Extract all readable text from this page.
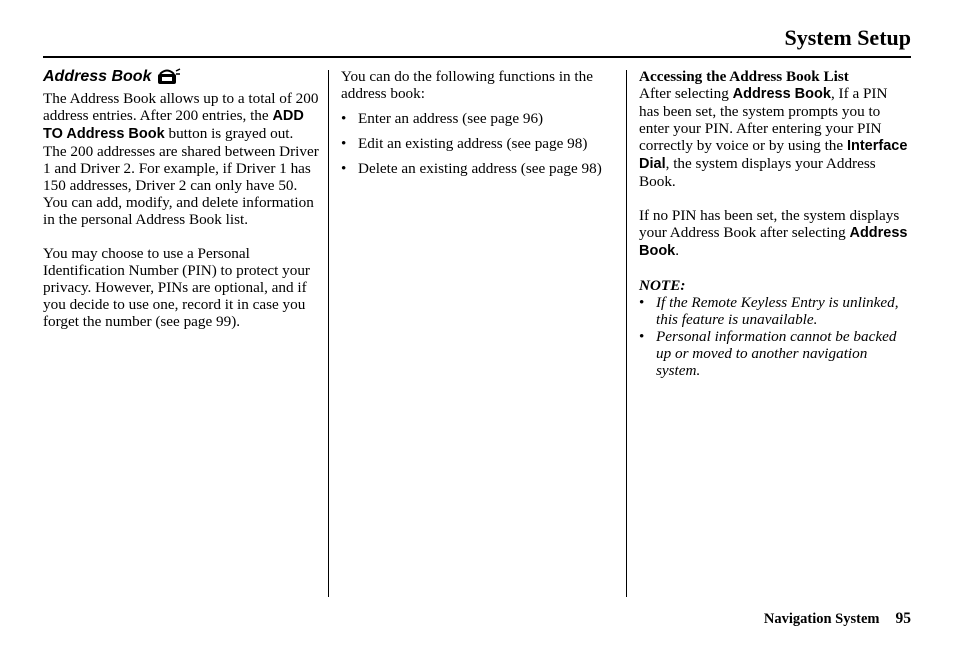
System Setup
Address Book

The Address Book allows up to a total of 200 address entries. After 200 entries, the ADD TO Address Book button is grayed out. The 200 addresses are shared between Driver 1 and Driver 2. For example, if Driver 1 has 150 addresses, Driver 2 can only have 50. You can add, modify, and delete information in the personal Address Book list.

You may choose to use a Personal Identification Number (PIN) to protect your privacy. However, PINs are optional, and if you decide to use one, record it in case you forget the number (see page 99).

You can do the following functions in the address book:

• Enter an address (see page 96)
• Edit an existing address (see page 98)
• Delete an existing address (see page 98)

Accessing the Address Book List

After selecting Address Book, If a PIN has been set, the system prompts you to enter your PIN. After entering your PIN correctly by voice or by using the Interface Dial, the system displays your Address Book.

If no PIN has been set, the system displays your Address Book after selecting Address Book.

NOTE:

• If the Remote Keyless Entry is unlinked, this feature is unavailable.
• Personal information cannot be backed up or moved to another navigation system.
Navigation System 95
